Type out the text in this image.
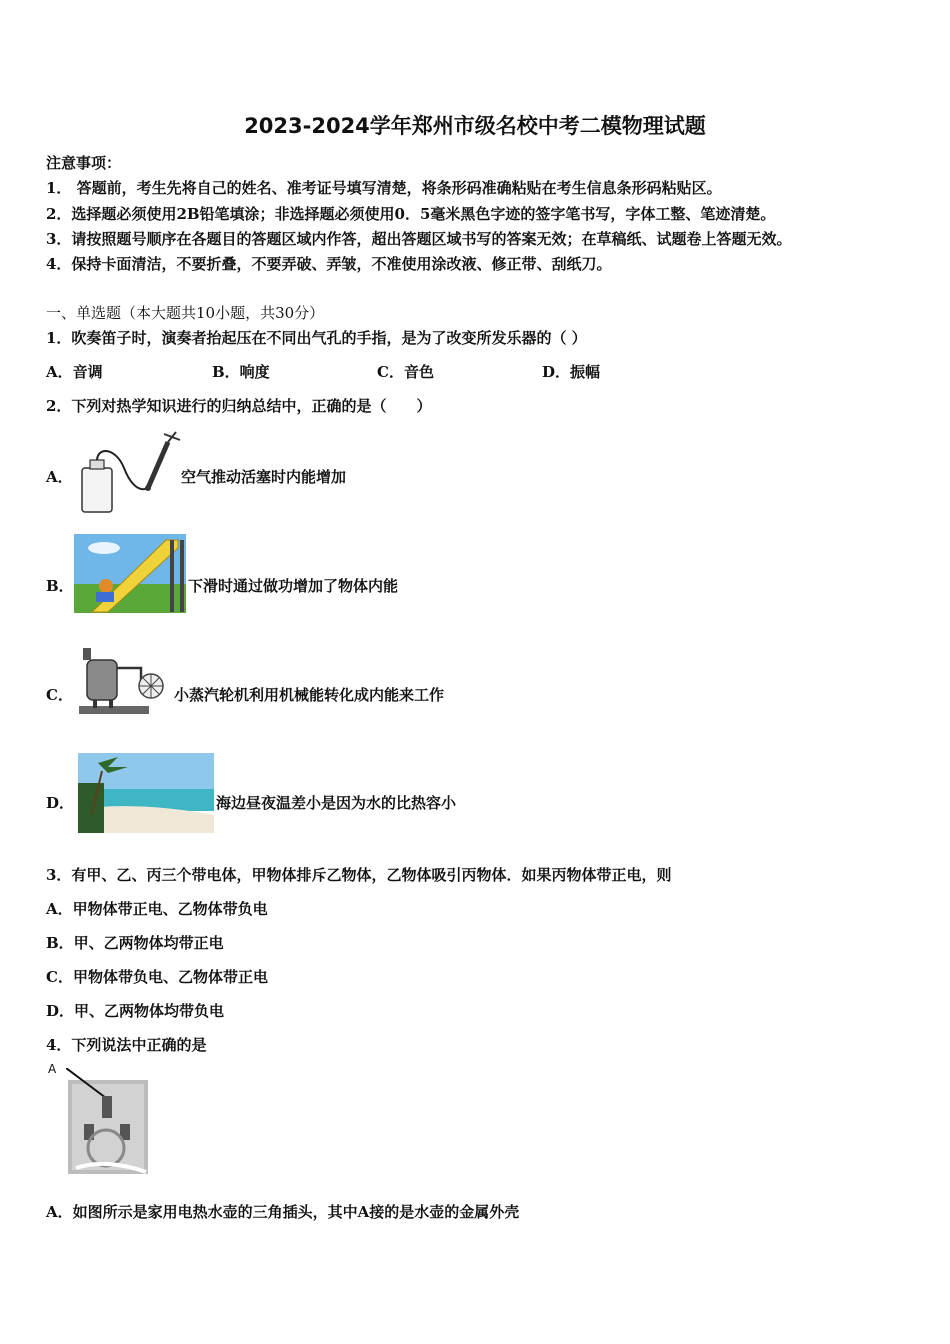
2023-2024学年郑州市级名校中考二模物理试题
注意事项：
1． 答题前，考生先将自己的姓名、准考证号填写清楚，将条形码准确粘贴在考生信息条形码粘贴区。
2．选择题必须使用2B铅笔填涂；非选择题必须使用0．5毫米黑色字迹的签字笔书写，字体工整、笔迹清楚。
3．请按照题号顺序在各题目的答题区域内作答，超出答题区域书写的答案无效；在草稿纸、试题卷上答题无效。
4．保持卡面清洁，不要折叠，不要弄破、弄皱，不准使用涂改液、修正带、刮纸刀。
一、单选题（本大题共10小题，共30分）
1．吹奏笛子时，演奏者抬起压在不同出气孔的手指，是为了改变所发乐器的（ ）
A．音调	B．响度	C．音色	D．振幅
2．下列对热学知识进行的归纳总结中，正确的是（　　）
A．	空气推动活塞时内能增加
B．	下滑时通过做功增加了物体内能
C．	小蒸汽轮机利用机械能转化成内能来工作
D．	海边昼夜温差小是因为水的比热容小
3．有甲、乙、丙三个带电体，甲物体排斥乙物体，乙物体吸引丙物体．如果丙物体带正电，则
A．甲物体带正电、乙物体带负电
B．甲、乙两物体均带正电
C．甲物体带负电、乙物体带正电
D．甲、乙两物体均带负电
4．下列说法中正确的是
A
A．如图所示是家用电热水壶的三角插头，其中A接的是水壶的金属外壳
